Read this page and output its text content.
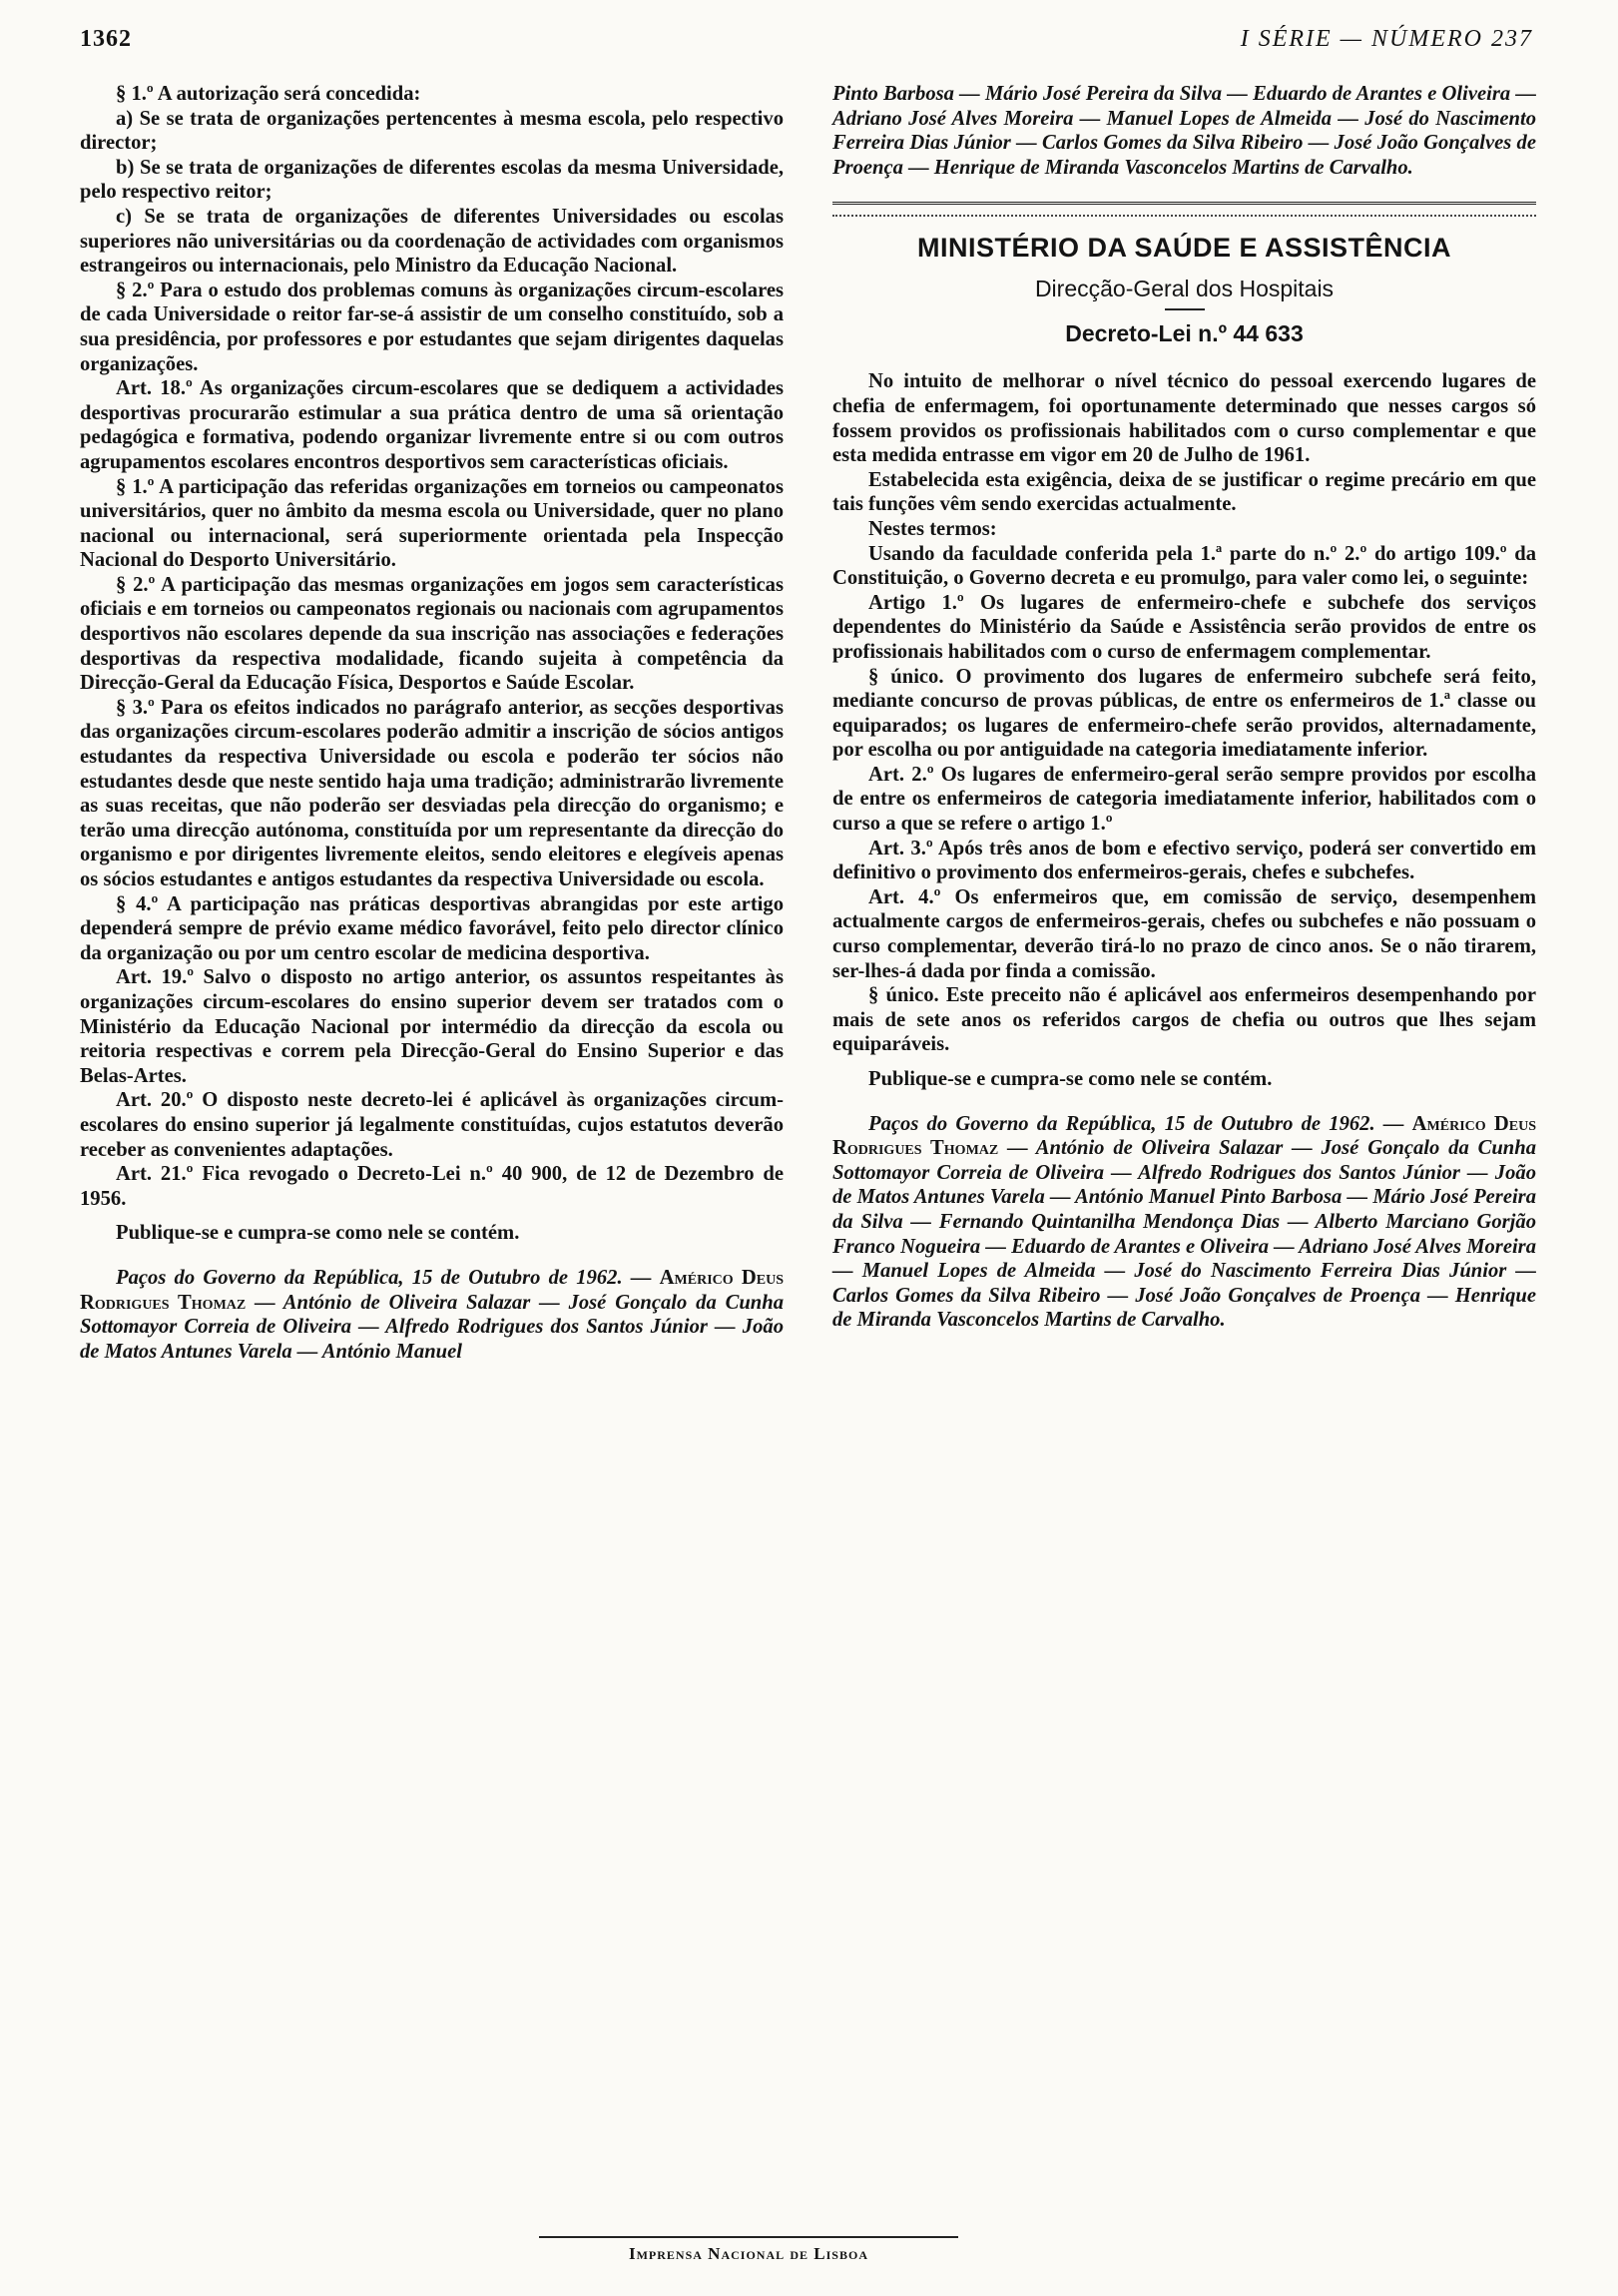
1362	I SÉRIE — NÚMERO 237

§ 1.º A autorização será concedida:

a) Se se trata de organizações pertencentes à mesma escola, pelo respectivo director;

b) Se se trata de organizações de diferentes escolas da mesma Universidade, pelo respectivo reitor;

c) Se se trata de organizações de diferentes Universidades ou escolas superiores não universitárias ou da coordenação de actividades com organismos estrangeiros ou internacionais, pelo Ministro da Educação Nacional.

§ 2.º Para o estudo dos problemas comuns às organizações circum-escolares de cada Universidade o reitor far-se-á assistir de um conselho constituído, sob a sua presidência, por professores e por estudantes que sejam dirigentes daquelas organizações.

Art. 18.º As organizações circum-escolares que se dediquem a actividades desportivas procurarão estimular a sua prática dentro de uma sã orientação pedagógica e formativa, podendo organizar livremente entre si ou com outros agrupamentos escolares encontros desportivos sem características oficiais.

§ 1.º A participação das referidas organizações em torneios ou campeonatos universitários, quer no âmbito da mesma escola ou Universidade, quer no plano nacional ou internacional, será superiormente orientada pela Inspecção Nacional do Desporto Universitário.

§ 2.º A participação das mesmas organizações em jogos sem características oficiais e em torneios ou campeonatos regionais ou nacionais com agrupamentos desportivos não escolares depende da sua inscrição nas associações e federações desportivas da respectiva modalidade, ficando sujeita à competência da Direcção-Geral da Educação Física, Desportos e Saúde Escolar.

§ 3.º Para os efeitos indicados no parágrafo anterior, as secções desportivas das organizações circum-escolares poderão admitir a inscrição de sócios antigos estudantes da respectiva Universidade ou escola e poderão ter sócios não estudantes desde que neste sentido haja uma tradição; administrarão livremente as suas receitas, que não poderão ser desviadas pela direcção do organismo; e terão uma direcção autónoma, constituída por um representante da direcção do organismo e por dirigentes livremente eleitos, sendo eleitores e elegíveis apenas os sócios estudantes e antigos estudantes da respectiva Universidade ou escola.

§ 4.º A participação nas práticas desportivas abrangidas por este artigo dependerá sempre de prévio exame médico favorável, feito pelo director clínico da organização ou por um centro escolar de medicina desportiva.

Art. 19.º Salvo o disposto no artigo anterior, os assuntos respeitantes às organizações circum-escolares do ensino superior devem ser tratados com o Ministério da Educação Nacional por intermédio da direcção da escola ou reitoria respectivas e correm pela Direcção-Geral do Ensino Superior e das Belas-Artes.

Art. 20.º O disposto neste decreto-lei é aplicável às organizações circum-escolares do ensino superior já legalmente constituídas, cujos estatutos deverão receber as convenientes adaptações.

Art. 21.º Fica revogado o Decreto-Lei n.º 40 900, de 12 de Dezembro de 1956.

Publique-se e cumpra-se como nele se contém.

Paços do Governo da República, 15 de Outubro de 1962. — Américo Deus Rodrigues Thomaz — António de Oliveira Salazar — José Gonçalo da Cunha Sottomayor Correia de Oliveira — Alfredo Rodrigues dos Santos Júnior — João de Matos Antunes Varela — António Manuel

Pinto Barbosa — Mário José Pereira da Silva — Eduardo de Arantes e Oliveira — Adriano José Alves Moreira — Manuel Lopes de Almeida — José do Nascimento Ferreira Dias Júnior — Carlos Gomes da Silva Ribeiro — José João Gonçalves de Proença — Henrique de Miranda Vasconcelos Martins de Carvalho.

MINISTÉRIO DA SAÚDE E ASSISTÊNCIA
Direcção-Geral dos Hospitais
Decreto-Lei n.º 44 633

No intuito de melhorar o nível técnico do pessoal exercendo lugares de chefia de enfermagem, foi oportunamente determinado que nesses cargos só fossem providos os profissionais habilitados com o curso complementar e que esta medida entrasse em vigor em 20 de Julho de 1961.

Estabelecida esta exigência, deixa de se justificar o regime precário em que tais funções vêm sendo exercidas actualmente.

Nestes termos:

Usando da faculdade conferida pela 1.ª parte do n.º 2.º do artigo 109.º da Constituição, o Governo decreta e eu promulgo, para valer como lei, o seguinte:

Artigo 1.º Os lugares de enfermeiro-chefe e subchefe dos serviços dependentes do Ministério da Saúde e Assistência serão providos de entre os profissionais habilitados com o curso de enfermagem complementar.

§ único. O provimento dos lugares de enfermeiro subchefe será feito, mediante concurso de provas públicas, de entre os enfermeiros de 1.ª classe ou equiparados; os lugares de enfermeiro-chefe serão providos, alternadamente, por escolha ou por antiguidade na categoria imediatamente inferior.

Art. 2.º Os lugares de enfermeiro-geral serão sempre providos por escolha de entre os enfermeiros de categoria imediatamente inferior, habilitados com o curso a que se refere o artigo 1.º

Art. 3.º Após três anos de bom e efectivo serviço, poderá ser convertido em definitivo o provimento dos enfermeiros-gerais, chefes e subchefes.

Art. 4.º Os enfermeiros que, em comissão de serviço, desempenhem actualmente cargos de enfermeiros-gerais, chefes ou subchefes e não possuam o curso complementar, deverão tirá-lo no prazo de cinco anos. Se o não tirarem, ser-lhes-á dada por finda a comissão.

§ único. Este preceito não é aplicável aos enfermeiros desempenhando por mais de sete anos os referidos cargos de chefia ou outros que lhes sejam equiparáveis.

Publique-se e cumpra-se como nele se contém.

Paços do Governo da República, 15 de Outubro de 1962. — Américo Deus Rodrigues Thomaz — António de Oliveira Salazar — José Gonçalo da Cunha Sottomayor Correia de Oliveira — Alfredo Rodrigues dos Santos Júnior — João de Matos Antunes Varela — António Manuel Pinto Barbosa — Mário José Pereira da Silva — Fernando Quintanilha Mendonça Dias — Alberto Marciano Gorjão Franco Nogueira — Eduardo de Arantes e Oliveira — Adriano José Alves Moreira — Manuel Lopes de Almeida — José do Nascimento Ferreira Dias Júnior — Carlos Gomes da Silva Ribeiro — José João Gonçalves de Proença — Henrique de Miranda Vasconcelos Martins de Carvalho.

Imprensa Nacional de Lisboa
